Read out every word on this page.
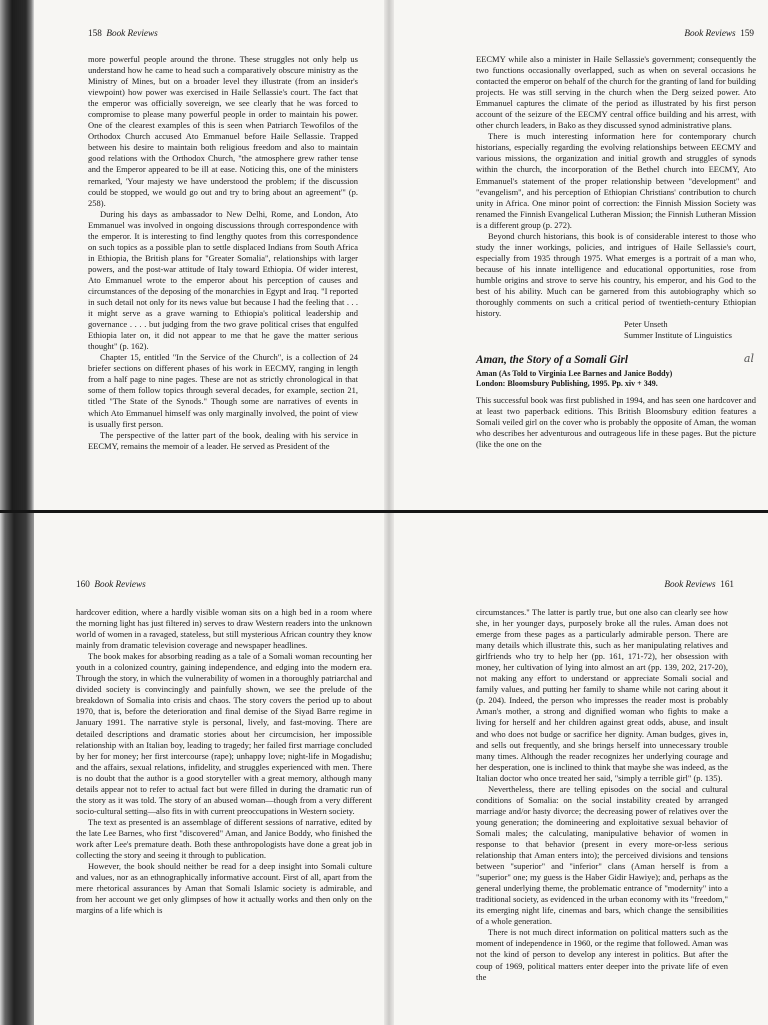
158 Book Reviews

more powerful people around the throne. These struggles not only help us understand how he came to head such a comparatively obscure ministry as the Ministry of Mines, but on a broader level they illustrate (from an insider's viewpoint) how power was exercised in Haile Sellassie's court. The fact that the emperor was officially sovereign, we see clearly that he was forced to compromise to please many powerful people in order to maintain his power. One of the clearest examples of this is seen when Patriarch Tewofilos of the Orthodox Church accused Ato Emmanuel before Haile Sellassie. Trapped between his desire to maintain both religious freedom and also to maintain good relations with the Orthodox Church, "the atmosphere grew rather tense and the Emperor appeared to be ill at ease. Noticing this, one of the ministers remarked, 'Your majesty we have understood the problem; if the discussion could be stopped, we would go out and try to bring about an agreement'" (p. 258).

During his days as ambassador to New Delhi, Rome, and London, Ato Emmanuel was involved in ongoing discussions through correspondence with the emperor. It is interesting to find lengthy quotes from this correspondence on such topics as a possible plan to settle displaced Indians from South Africa in Ethiopia, the British plans for "Greater Somalia", relationships with larger powers, and the post-war attitude of Italy toward Ethiopia. Of wider interest, Ato Emmanuel wrote to the emperor about his perception of causes and circumstances of the deposing of the monarchies in Egypt and Iraq. "I reported in such detail not only for its news value but because I had the feeling that . . . it might serve as a grave warning to Ethiopia's political leadership and governance . . . . but judging from the two grave political crises that engulfed Ethiopia later on, it did not appear to me that he gave the matter serious thought" (p. 162).

Chapter 15, entitled "In the Service of the Church", is a collection of 24 briefer sections on different phases of his work in EECMY, ranging in length from a half page to nine pages. These are not as strictly chronological in that some of them follow topics through several decades, for example, section 21, titled "The State of the Synods." Though some are narratives of events in which Ato Emmanuel himself was only marginally involved, the point of view is usually first person.

The perspective of the latter part of the book, dealing with his service in EECMY, remains the memoir of a leader. He served as President of the

Book Reviews 159

EECMY while also a minister in Haile Sellassie's government; consequently the two functions occasionally overlapped, such as when on several occasions he contacted the emperor on behalf of the church for the granting of land for building projects. He was still serving in the church when the Derg seized power. Ato Emmanuel captures the climate of the period as illustrated by his first person account of the seizure of the EECMY central office building and his arrest, with other church leaders, in Bako as they discussed synod administrative plans.

There is much interesting information here for contemporary church historians, especially regarding the evolving relationships between EECMY and various missions, the organization and initial growth and struggles of synods within the church, the incorporation of the Bethel church into EECMY, Ato Emmanuel's statement of the proper relationship between "development" and "evangelism", and his perception of Ethiopian Christians' contribution to church unity in Africa. One minor point of correction: the Finnish Mission Society was renamed the Finnish Evangelical Lutheran Mission; the Finnish Lutheran Mission is a different group (p. 272).

Beyond church historians, this book is of considerable interest to those who study the inner workings, policies, and intrigues of Haile Sellassie's court, especially from 1935 through 1975. What emerges is a portrait of a man who, because of his innate intelligence and educational opportunities, rose from humble origins and strove to serve his country, his emperor, and his God to the best of his ability. Much can be garnered from this autobiography which so thoroughly comments on such a critical period of twentieth-century Ethiopian history.

Peter Unseth

Summer Institute of Linguistics

Aman, the Story of a Somali Girl	al
Aman (As Told to Virginia Lee Barnes and Janice Boddy)
London: Bloomsbury Publishing, 1995. Pp. xiv + 349.

This successful book was first published in 1994, and has seen one hardcover and at least two paperback editions. This British Bloomsbury edition features a Somali veiled girl on the cover who is probably the opposite of Aman, the woman who describes her adventurous and outrageous life in these pages. But the picture (like the one on the

160 Book Reviews

hardcover edition, where a hardly visible woman sits on a high bed in a room where the morning light has just filtered in) serves to draw Western readers into the unknown world of women in a ravaged, stateless, but still mysterious African country they know mainly from dramatic television coverage and newspaper headlines.

The book makes for absorbing reading as a tale of a Somali woman recounting her youth in a colonized country, gaining independence, and edging into the modern era. Through the story, in which the vulnerability of women in a thoroughly patriarchal and divided society is convincingly and painfully shown, we see the prelude of the breakdown of Somalia into crisis and chaos. The story covers the period up to about 1970, that is, before the deterioration and final demise of the Siyad Barre regime in January 1991. The narrative style is personal, lively, and fast-moving. There are detailed descriptions and dramatic stories about her circumcision, her impossible relationship with an Italian boy, leading to tragedy; her failed first marriage concluded by her for money; her first intercourse (rape); unhappy love; night-life in Mogadishu; and the affairs, sexual relations, infidelity, and struggles experienced with men. There is no doubt that the author is a good storyteller with a great memory, although many details appear not to refer to actual fact but were filled in during the dramatic run of the story as it was told. The story of an abused woman—though from a very different socio-cultural setting—also fits in with current preoccupations in Western society.

The text as presented is an assemblage of different sessions of narrative, edited by the late Lee Barnes, who first "discovered" Aman, and Janice Boddy, who finished the work after Lee's premature death. Both these anthropologists have done a great job in collecting the story and seeing it through to publication.

However, the book should neither be read for a deep insight into Somali culture and values, nor as an ethnographically informative account. First of all, apart from the mere rhetorical assurances by Aman that Somali Islamic society is admirable, and from her account we get only glimpses of how it actually works and then only on the margins of a life which is

Book Reviews 161

circumstances." The latter is partly true, but one also can clearly see how she, in her younger days, purposely broke all the rules. Aman does not emerge from these pages as a particularly admirable person. There are many details which illustrate this, such as her manipulating relatives and girlfriends who try to help her (pp. 161, 171-72), her obsession with money, her cultivation of lying into almost an art (pp. 139, 202, 217-20), not making any effort to understand or appreciate Somali social and family values, and putting her family to shame while not caring about it (p. 204). Indeed, the person who impresses the reader most is probably Aman's mother, a strong and dignified woman who fights to make a living for herself and her children against great odds, abuse, and insult and who does not budge or sacrifice her dignity. Aman budges, gives in, and sells out frequently, and she brings herself into unnecessary trouble many times. Although the reader recognizes her underlying courage and her desperation, one is inclined to think that maybe she was indeed, as the Italian doctor who once treated her said, "simply a terrible girl" (p. 135).

Nevertheless, there are telling episodes on the social and cultural conditions of Somalia: on the social instability created by arranged marriage and/or hasty divorce; the decreasing power of relatives over the young generation; the domineering and exploitative sexual behavior of Somali males; the calculating, manipulative behavior of women in response to that behavior (present in every more-or-less serious relationship that Aman enters into); the perceived divisions and tensions between "superior" and "inferior" clans (Aman herself is from a "superior" one; my guess is the Haber Gidir Hawiye); and, perhaps as the general underlying theme, the problematic entrance of "modernity" into a traditional society, as evidenced in the urban economy with its "freedom," its emerging night life, cinemas and bars, which change the sensibilities of a whole generation.

There is not much direct information on political matters such as the moment of independence in 1960, or the regime that followed. Aman was not the kind of person to develop any interest in politics. But after the coup of 1969, political matters enter deeper into the private life of even the
